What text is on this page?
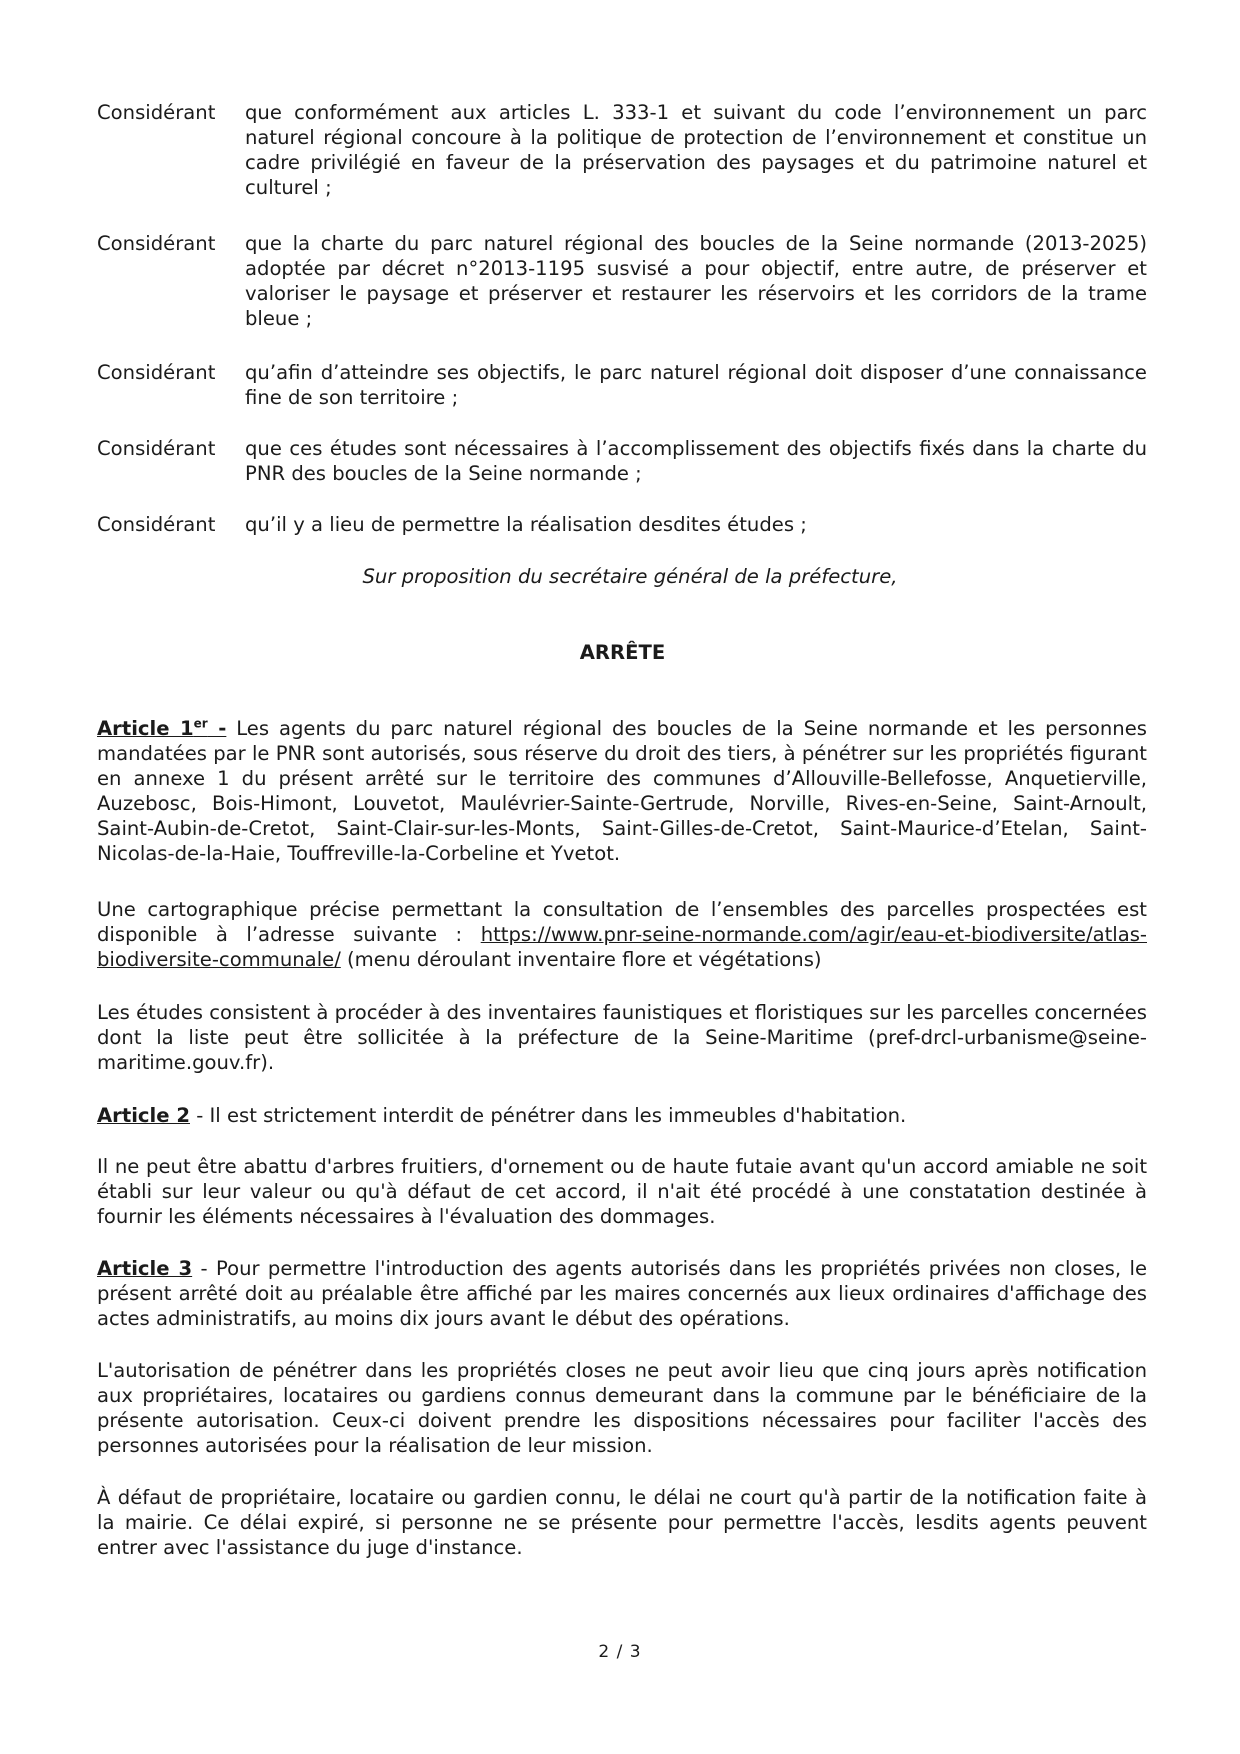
Considérant	que conformément aux articles L. 333-1 et suivant du code l’environnement un parc naturel régional concoure à la politique de protection de l’environnement et constitue un cadre privilégié en faveur de la préservation des paysages et du patrimoine naturel et culturel ;
Considérant	que la charte du parc naturel régional des boucles de la Seine normande (2013-2025) adoptée par décret n°2013-1195 susvisé a pour objectif, entre autre, de préserver et valoriser le paysage et préserver et restaurer les réservoirs et les corridors de la trame bleue ;
Considérant	qu’afin d’atteindre ses objectifs, le parc naturel régional doit disposer d’une connaissance fine de son territoire ;
Considérant	que ces études sont nécessaires à l’accomplissement des objectifs fixés dans la charte du PNR des boucles de la Seine normande ;
Considérant	qu’il y a lieu de permettre la réalisation desdites études ;
Sur proposition du secrétaire général de la préfecture,
ARRÊTE
Article 1er - Les agents du parc naturel régional des boucles de la Seine normande et les personnes mandatées par le PNR sont autorisés, sous réserve du droit des tiers, à pénétrer sur les propriétés figurant en annexe 1 du présent arrêté sur le territoire des communes d’Allouville-Bellefosse, Anquetierville, Auzebosc, Bois-Himont, Louvetot, Maulévrier-Sainte-Gertrude, Norville, Rives-en-Seine, Saint-Arnoult, Saint-Aubin-de-Cretot, Saint-Clair-sur-les-Monts, Saint-Gilles-de-Cretot, Saint-Maurice-d’Etelan, Saint-Nicolas-de-la-Haie, Touffreville-la-Corbeline et Yvetot.
Une cartographique précise permettant la consultation de l’ensembles des parcelles prospectées est disponible à l’adresse suivante : https://www.pnr-seine-normande.com/agir/eau-et-biodiversite/atlas-biodiversite-communale/ (menu déroulant inventaire flore et végétations)
Les études consistent à procéder à des inventaires faunistiques et floristiques sur les parcelles concernées dont la liste peut être sollicitée à la préfecture de la Seine-Maritime (pref-drcl-urbanisme@seine-maritime.gouv.fr).
Article 2 - Il est strictement interdit de pénétrer dans les immeubles d'habitation.
Il ne peut être abattu d'arbres fruitiers, d'ornement ou de haute futaie avant qu'un accord amiable ne soit établi sur leur valeur ou qu'à défaut de cet accord, il n'ait été procédé à une constatation destinée à fournir les éléments nécessaires à l'évaluation des dommages.
Article 3 - Pour permettre l'introduction des agents autorisés dans les propriétés privées non closes, le présent arrêté doit au préalable être affiché par les maires concernés aux lieux ordinaires d'affichage des actes administratifs, au moins dix jours avant le début des opérations.
L'autorisation de pénétrer dans les propriétés closes ne peut avoir lieu que cinq jours après notification aux propriétaires, locataires ou gardiens connus demeurant dans la commune par le bénéficiaire de la présente autorisation. Ceux-ci doivent prendre les dispositions nécessaires pour faciliter l'accès des personnes autorisées pour la réalisation de leur mission.
À défaut de propriétaire, locataire ou gardien connu, le délai ne court qu'à partir de la notification faite à la mairie. Ce délai expiré, si personne ne se présente pour permettre l'accès, lesdits agents peuvent entrer avec l'assistance du juge d'instance.
2 / 3
